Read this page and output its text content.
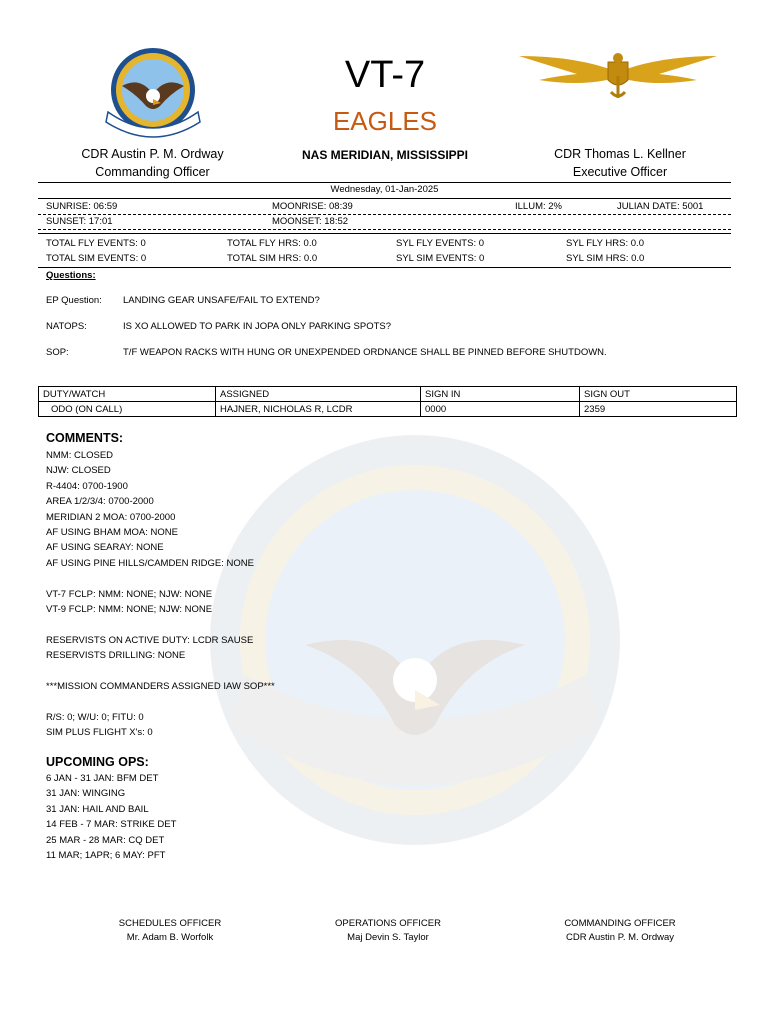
VT-7
EAGLES
NAS MERIDIAN, MISSISSIPPI
CDR Austin P. M. Ordway
Commanding Officer
CDR Thomas L. Kellner
Executive Officer
Wednesday, 01-Jan-2025
SUNRISE: 06:59	MOONRISE: 08:39	ILLUM: 2%	JULIAN DATE: 5001
SUNSET: 17:01	MOONSET: 18:52
TOTAL FLY EVENTS: 0	TOTAL FLY HRS: 0.0	SYL FLY EVENTS: 0	SYL FLY HRS: 0.0
TOTAL SIM EVENTS: 0	TOTAL SIM HRS: 0.0	SYL SIM EVENTS: 0	SYL SIM HRS: 0.0
Questions:
EP Question: LANDING GEAR UNSAFE/FAIL TO EXTEND?
NATOPS:	IS XO ALLOWED TO PARK IN JOPA ONLY PARKING SPOTS?
SOP:	T/F WEAPON RACKS WITH HUNG OR UNEXPENDED ORDNANCE SHALL BE PINNED BEFORE SHUTDOWN.
DUTY/WATCH	ASSIGNED	SIGN IN	SIGN OUT
ODO (ON CALL)	HAJNER, NICHOLAS R, LCDR	0000	2359
COMMENTS:
NMM: CLOSED
NJW: CLOSED
R-4404: 0700-1900
AREA 1/2/3/4: 0700-2000
MERIDIAN 2 MOA: 0700-2000
AF USING BHAM MOA: NONE
AF USING SEARAY: NONE
AF USING PINE HILLS/CAMDEN RIDGE: NONE
VT-7 FCLP: NMM: NONE; NJW: NONE
VT-9 FCLP: NMM: NONE; NJW: NONE
RESERVISTS ON ACTIVE DUTY: LCDR SAUSE
RESERVISTS DRILLING: NONE
***MISSION COMMANDERS ASSIGNED IAW SOP***
R/S: 0; W/U: 0; FITU: 0
SIM PLUS FLIGHT X's: 0
UPCOMING OPS:
6 JAN - 31 JAN: BFM DET
31 JAN: WINGING
31 JAN: HAIL AND BAIL
14 FEB - 7 MAR: STRIKE DET
25 MAR - 28 MAR: CQ DET
11 MAR; 1APR; 6 MAY: PFT
SCHEDULES OFFICER
Mr. Adam B. Worfolk
OPERATIONS OFFICER
Maj Devin S. Taylor
COMMANDING OFFICER
CDR Austin P. M. Ordway
